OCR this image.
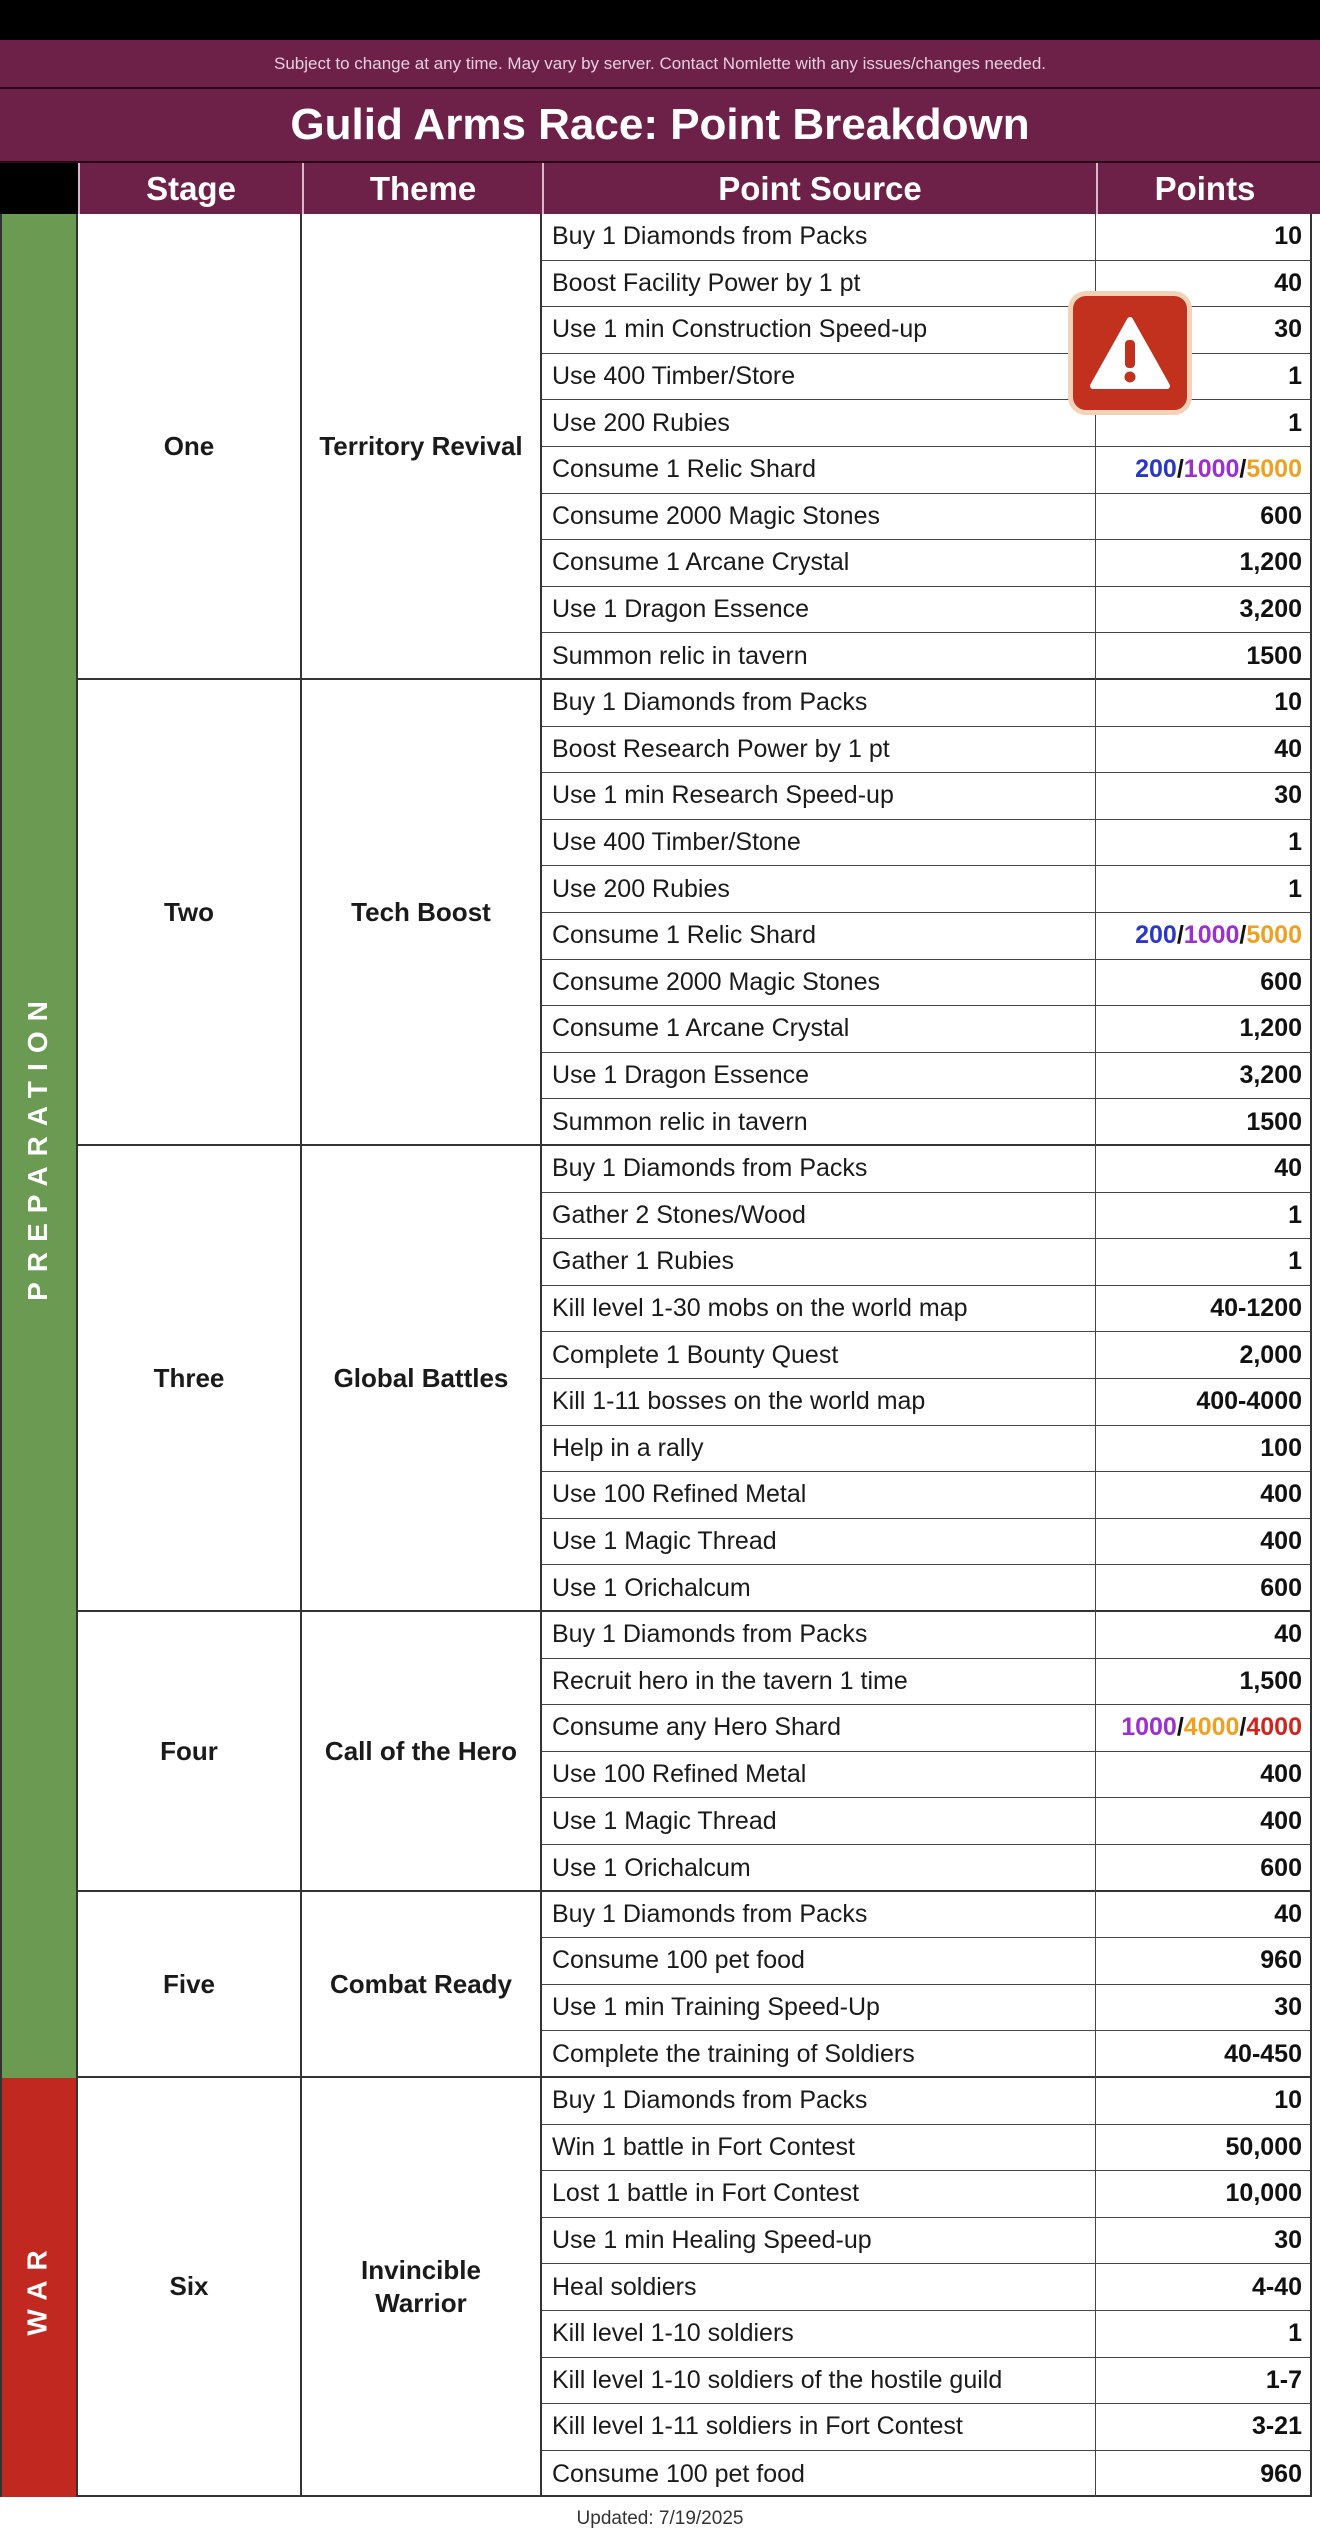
Subject to change at any time. May vary by server. Contact Nomlette with any issues/changes needed.
Gulid Arms Race: Point Breakdown
Stage	Theme	Point Source	Points
One	Territory Revival
Buy 1 Diamonds from Packs	10
Boost Facility Power by 1 pt	40
Use 1 min Construction Speed-up	30
Use 400 Timber/Store	1
Use 200 Rubies	1
Consume 1 Relic Shard	200 / 1000 / 5000
Consume 2000 Magic Stones	600
Consume 1 Arcane Crystal	1,200
Use 1 Dragon Essence	3,200
Summon relic in tavern	1500
Two	Tech Boost
Buy 1 Diamonds from Packs	10
Boost Research Power by 1 pt	40
Use 1 min Research Speed-up	30
Use 400 Timber/Stone	1
Use 200 Rubies	1
Consume 1 Relic Shard	200 / 1000 / 5000
Consume 2000 Magic Stones	600
Consume 1 Arcane Crystal	1,200
Use 1 Dragon Essence	3,200
Summon relic in tavern	1500
Three	Global Battles
Buy 1 Diamonds from Packs	40
Gather 2 Stones/Wood	1
Gather 1 Rubies	1
Kill level 1-30 mobs on the world map	40-1200
Complete 1 Bounty Quest	2,000
Kill 1-11 bosses on the world map	400-4000
Help in a rally	100
Use 100 Refined Metal	400
Use 1 Magic Thread	400
Use 1 Orichalcum	600
Four	Call of the Hero
Buy 1 Diamonds from Packs	40
Recruit hero in the tavern 1 time	1,500
Consume any Hero Shard	1000 / 4000 / 4000
Use 100 Refined Metal	400
Use 1 Magic Thread	400
Use 1 Orichalcum	600
Five	Combat Ready
Buy 1 Diamonds from Packs	40
Consume 100 pet food	960
Use 1 min Training Speed-Up	30
Complete the training of Soldiers	40-450
Six
Invincible Warrior
Buy 1 Diamonds from Packs	10
Win 1 battle in Fort Contest	50,000
Lost 1 battle in Fort Contest	10,000
Use 1 min Healing Speed-up	30
Heal soldiers	4-40
Kill level 1-10 soldiers	1
Kill level 1-10 soldiers of the hostile guild	1-7
Kill level 1-11 soldiers in Fort Contest	3-21
Consume 100 pet food	960
PREPARATION
WAR
Updated: 7/19/2025
